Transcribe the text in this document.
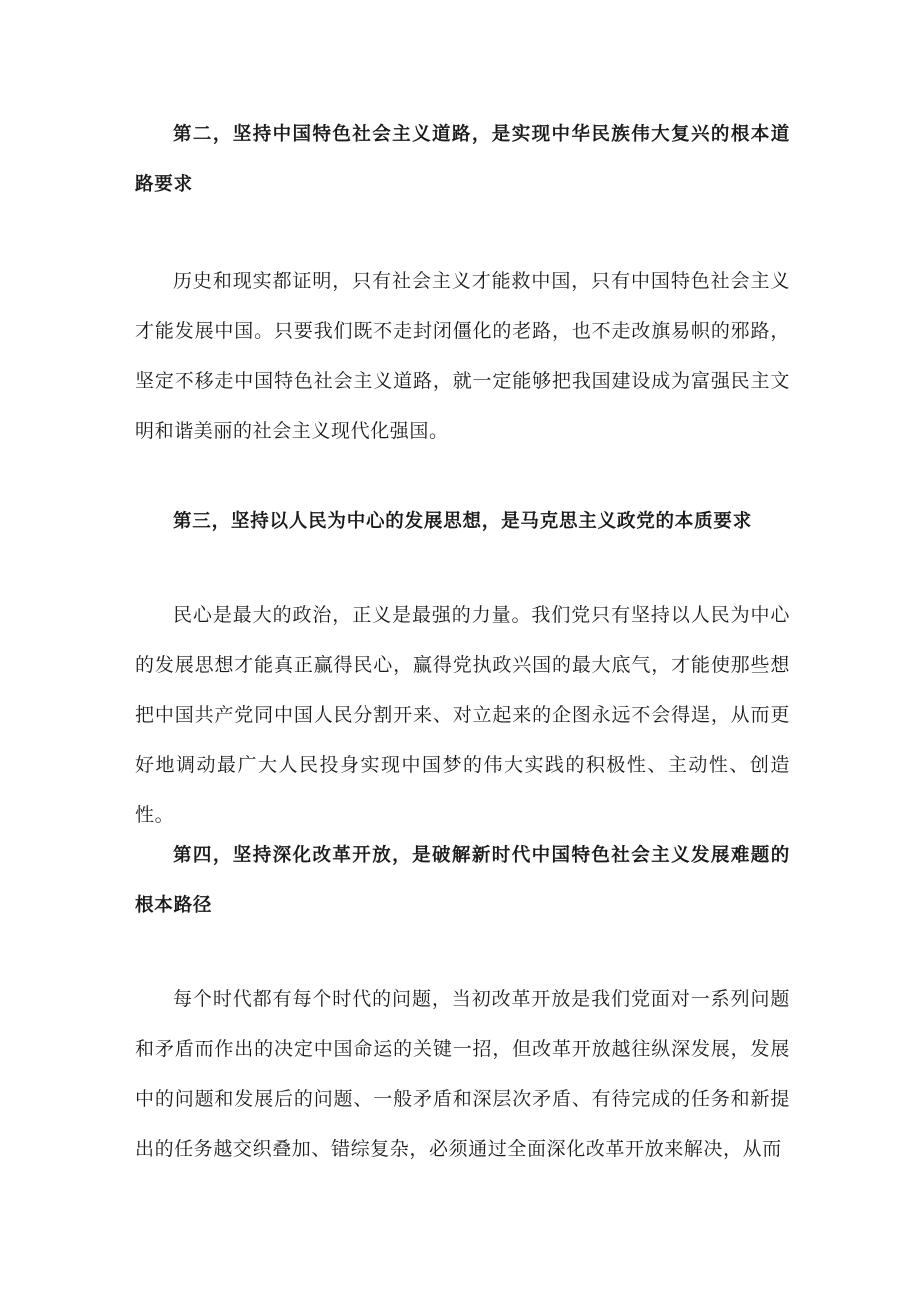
第二，坚持中国特色社会主义道路，是实现中华民族伟大复兴的根本道路要求

历史和现实都证明，只有社会主义才能救中国，只有中国特色社会主义才能发展中国。只要我们既不走封闭僵化的老路，也不走改旗易帜的邪路，坚定不移走中国特色社会主义道路，就一定能够把我国建设成为富强民主文明和谐美丽的社会主义现代化强国。

第三，坚持以人民为中心的发展思想，是马克思主义政党的本质要求

民心是最大的政治，正义是最强的力量。我们党只有坚持以人民为中心的发展思想才能真正赢得民心，赢得党执政兴国的最大底气，才能使那些想把中国共产党同中国人民分割开来、对立起来的企图永远不会得逞，从而更好地调动最广大人民投身实现中国梦的伟大实践的积极性、主动性、创造性。

第四，坚持深化改革开放，是破解新时代中国特色社会主义发展难题的根本路径

每个时代都有每个时代的问题，当初改革开放是我们党面对一系列问题和矛盾而作出的决定中国命运的关键一招，但改革开放越往纵深发展，发展中的问题和发展后的问题、一般矛盾和深层次矛盾、有待完成的任务和新提出的任务越交织叠加、错综复杂，必须通过全面深化改革开放来解决，从而
